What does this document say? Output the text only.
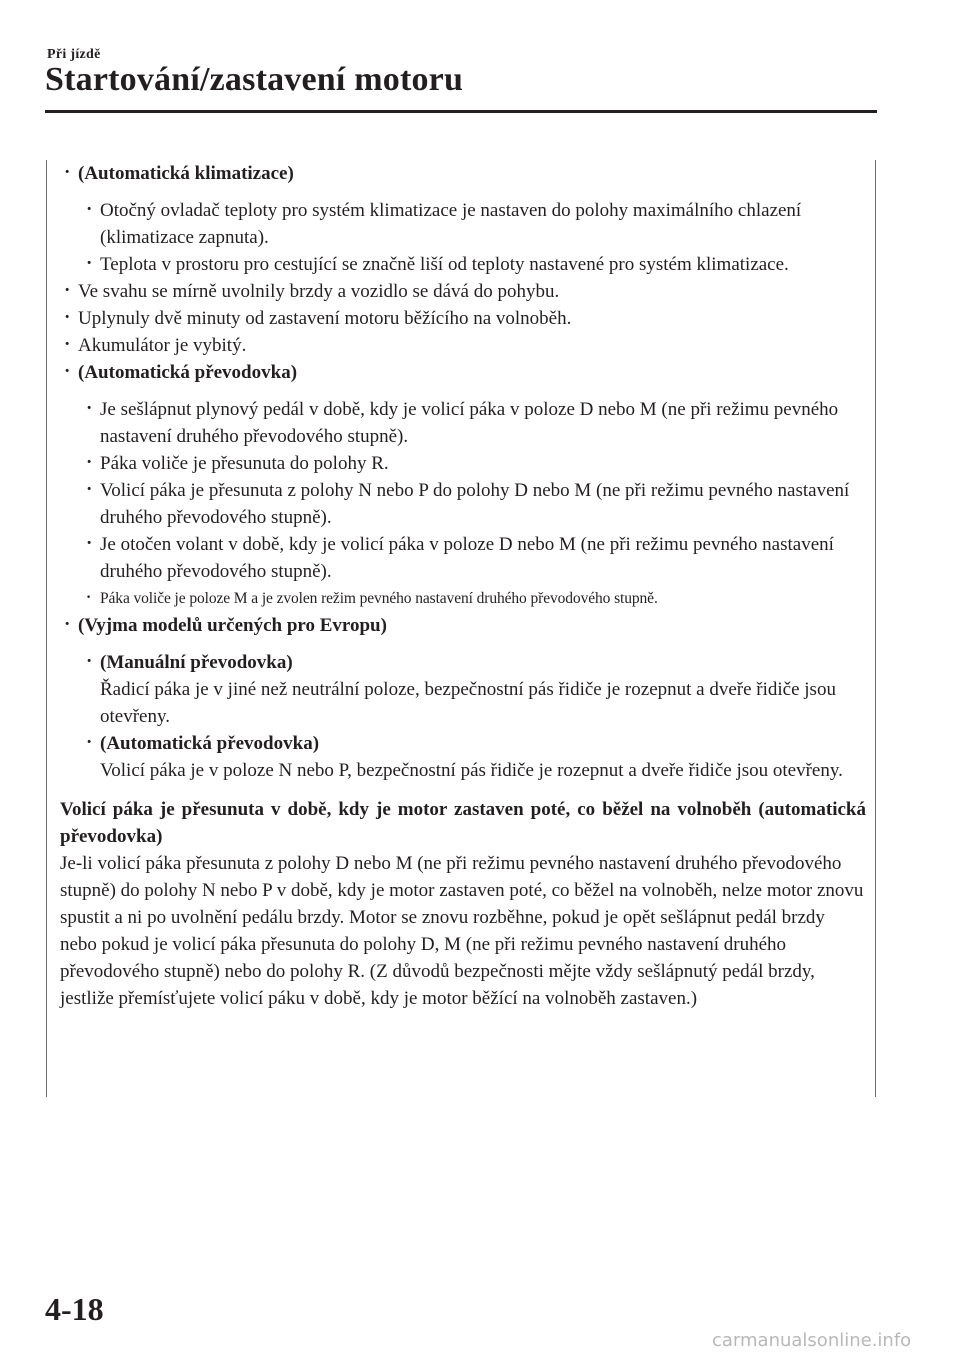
Při jízdě
Startování/zastavení motoru
· (Automatická klimatizace)
· Otočný ovladač teploty pro systém klimatizace je nastaven do polohy maximálního chlazení (klimatizace zapnuta).
· Teplota v prostoru pro cestující se značně liší od teploty nastavené pro systém klimatizace.
· Ve svahu se mírně uvolnily brzdy a vozidlo se dává do pohybu.
· Uplynuly dvě minuty od zastavení motoru běžícího na volnoběh.
· Akumulátor je vybitý.
· (Automatická převodovka)
· Je sešlápnut plynový pedál v době, kdy je volicí páka v poloze D nebo M (ne při režimu pevného nastavení druhého převodového stupně).
· Páka voliče je přesunuta do polohy R.
· Volicí páka je přesunuta z polohy N nebo P do polohy D nebo M (ne při režimu pevného nastavení druhého převodového stupně).
· Je otočen volant v době, kdy je volicí páka v poloze D nebo M (ne při režimu pevného nastavení druhého převodového stupně).
· Páka voliče je poloze M a je zvolen režim pevného nastavení druhého převodového stupně.
· (Vyjma modelů určených pro Evropu)
· (Manuální převodovka)
Řadicí páka je v jiné než neutrální poloze, bezpečnostní pás řidiče je rozepnut a dveře řidiče jsou otevřeny.
· (Automatická převodovka)
Volicí páka je v poloze N nebo P, bezpečnostní pás řidiče je rozepnut a dveře řidiče jsou otevřeny.
Volicí páka je přesunuta v době, kdy je motor zastaven poté, co běžel na volnoběh (automatická převodovka)
Je-li volicí páka přesunuta z polohy D nebo M (ne při režimu pevného nastavení druhého převodového stupně) do polohy N nebo P v době, kdy je motor zastaven poté, co běžel na volnoběh, nelze motor znovu spustit a ni po uvolnění pedálu brzdy. Motor se znovu rozběhne, pokud je opět sešlápnut pedál brzdy nebo pokud je volicí páka přesunuta do polohy D, M (ne při režimu pevného nastavení druhého převodového stupně) nebo do polohy R. (Z důvodů bezpečnosti mějte vždy sešlápnutý pedál brzdy, jestliže přemísťujete volicí páku v době, kdy je motor běžící na volnoběh zastaven.)
4-18
carmanualsonline.info
